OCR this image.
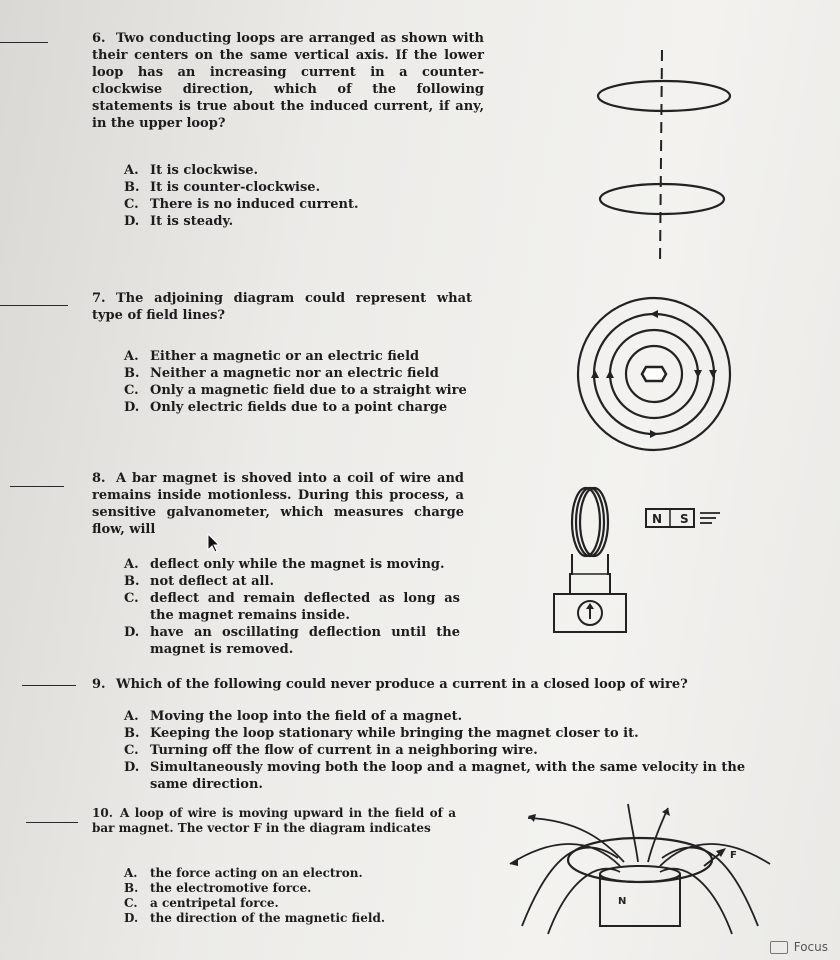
6. Two conducting loops are arranged as shown with their centers on the same vertical axis. If the lower loop has an increasing current in a counter-clockwise direction, which of the following statements is true about the induced current, if any, in the upper loop?
A. It is clockwise.
B. It is counter-clockwise.
C. There is no induced current.
D. It is steady.
7. The adjoining diagram could represent what type of field lines?
A. Either a magnetic or an electric field
B. Neither a magnetic nor an electric field
C. Only a magnetic field due to a straight wire
D. Only electric fields due to a point charge
8. A bar magnet is shoved into a coil of wire and remains inside motionless. During this process, a sensitive galvanometer, which measures charge flow, will
A. deflect only while the magnet is moving.
B. not deflect at all.
C. deflect and remain deflected as long as the magnet remains inside.
D. have an oscillating deflection until the magnet is removed.
N S
9. Which of the following could never produce a current in a closed loop of wire?
A. Moving the loop into the field of a magnet.
B. Keeping the loop stationary while bringing the magnet closer to it.
C. Turning off the flow of current in a neighboring wire.
D. Simultaneously moving both the loop and a magnet, with the same velocity in the same direction.
10. A loop of wire is moving upward in the field of a bar magnet. The vector F in the diagram indicates
A.	the force acting on an electron.
B. the electromotive force.
C.	a centripetal force.
D. the direction of the magnetic field.
F
N
Focus
